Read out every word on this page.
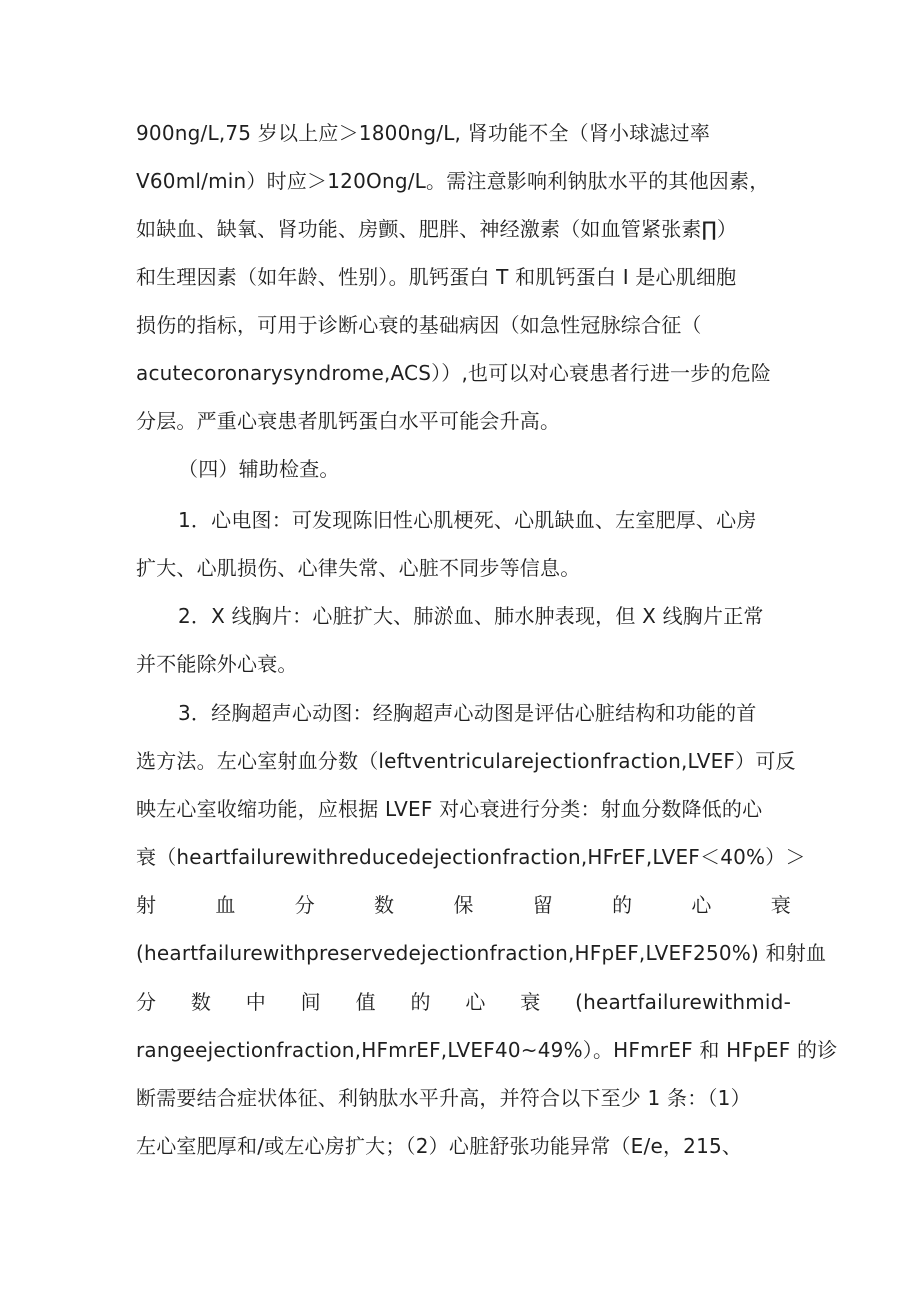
900ng/L,75 岁以上应＞1800ng/L, 肾功能不全（肾小球滤过率
V60ml/min）时应＞120Ong/L。需注意影响利钠肽水平的其他因素，
如缺血、缺氧、肾功能、房颤、肥胖、神经激素（如血管紧张素∏）
和生理因素（如年龄、性别）。肌钙蛋白 T 和肌钙蛋白 I 是心肌细胞
损伤的指标，可用于诊断心衰的基础病因（如急性冠脉综合征（
acutecoronarysyndrome,ACS））,也可以对心衰患者行进一步的危险
分层。严重心衰患者肌钙蛋白水平可能会升高。
（四）辅助检查。
1．心电图：可发现陈旧性心肌梗死、心肌缺血、左室肥厚、心房
扩大、心肌损伤、心律失常、心脏不同步等信息。
2．X 线胸片：心脏扩大、肺淤血、肺水肿表现，但 X 线胸片正常
并不能除外心衰。
3．经胸超声心动图：经胸超声心动图是评估心脏结构和功能的首
选方法。左心室射血分数（leftventricularejectionfraction,LVEF）可反
映左心室收缩功能，应根据 LVEF 对心衰进行分类：射血分数降低的心
衰（heartfailurewithreducedejectionfraction,HFrEF,LVEF＜40%）＞
射	血	分	数	保	留	的	心	衰
(heartfailurewithpreservedejectionfraction,HFpEF,LVEF250%) 和射血
分 数 中 间 值 的 心 衰 (heartfailurewithmid-
rangeejectionfraction,HFmrEF,LVEF40~49%）。HFmrEF 和 HFpEF 的诊
断需要结合症状体征、利钠肽水平升高，并符合以下至少 1 条：（1）
左心室肥厚和/或左心房扩大；（2）心脏舒张功能异常（E/e，215、
